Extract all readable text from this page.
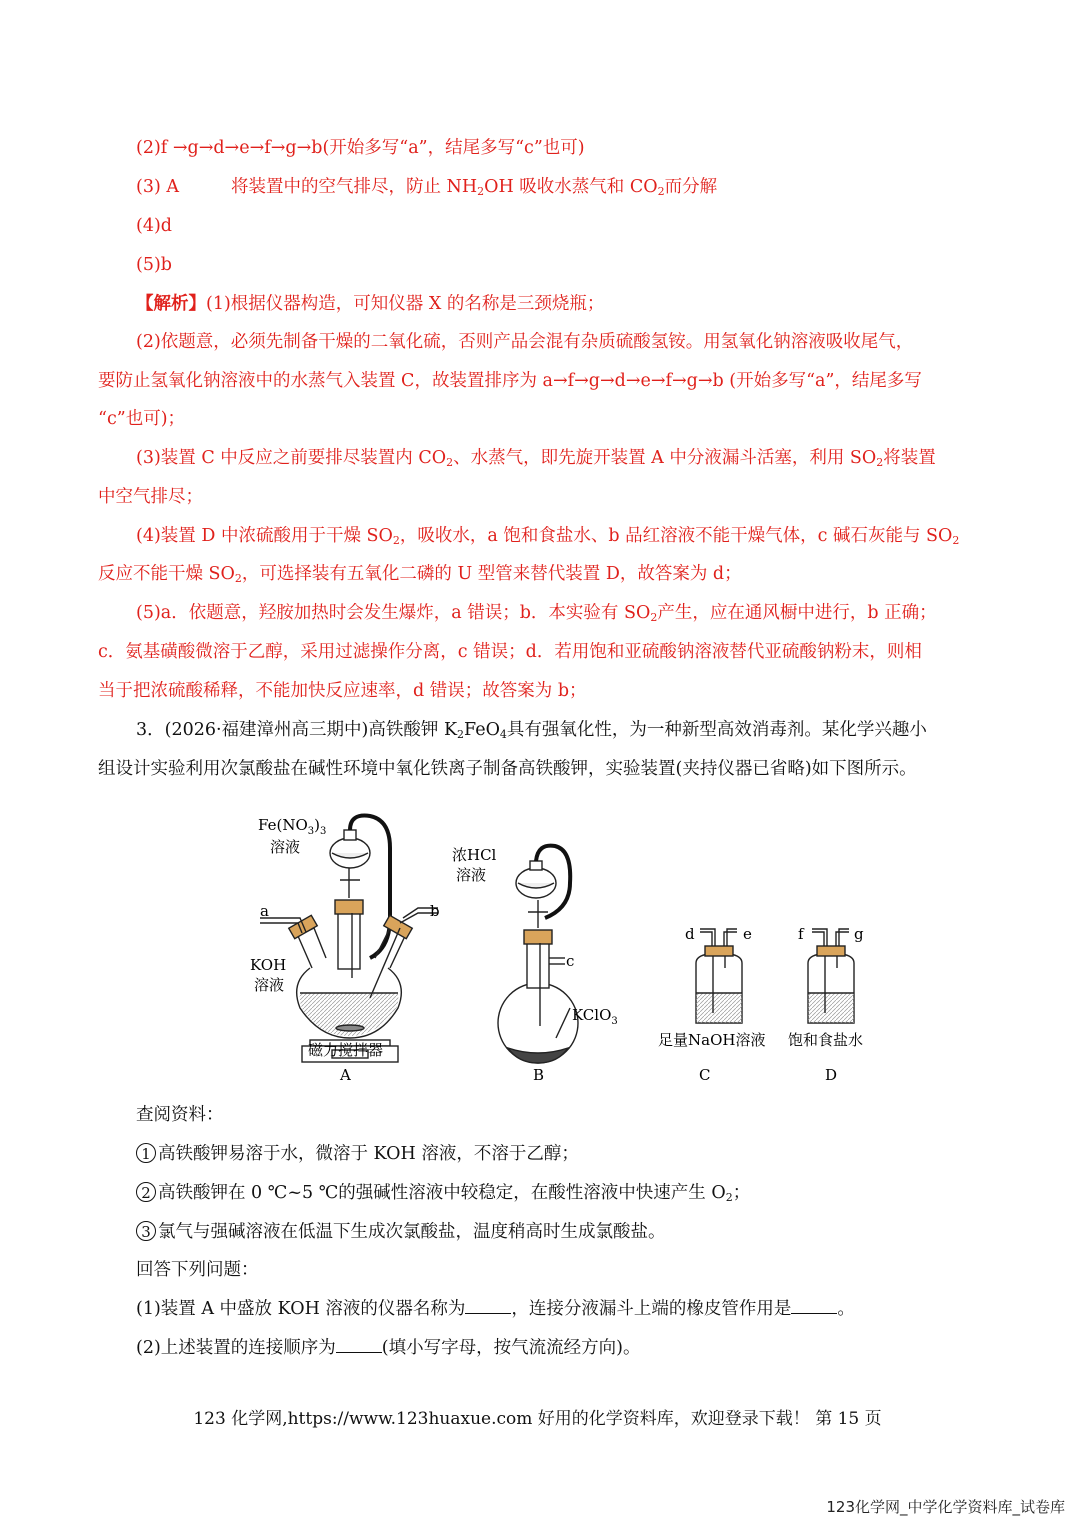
(2)f →g→d→e→f→g→b(开始多写“a”，结尾多写“c”也可)
(3) A	将装置中的空气排尽，防止 $NH_2OH$ 吸收水蒸气和 $CO_2$而分解
(4)d
(5)b
【解析】(1)根据仪器构造，可知仪器 X 的名称是三颈烧瓶；
(2)依题意，必须先制备干燥的二氧化硫，否则产品会混有杂质硫酸氢铵。用氢氧化钠溶液吸收尾气，
要防止氢氧化钠溶液中的水蒸气入装置 C，故装置排序为 a→f→g→d→e→f→g→b (开始多写“a”，结尾多写
“c”也可)；
(3)装置 C 中反应之前要排尽装置内 $CO_2$、水蒸气，即先旋开装置 A 中分液漏斗活塞，利用 $SO_2$将装置
中空气排尽；
(4)装置 D 中浓硫酸用于干燥 $SO_2$，吸收水，a 饱和食盐水、b 品红溶液不能干燥气体，c 碱石灰能与 $SO_2$
反应不能干燥 $SO_2$，可选择装有五氧化二磷的 U 型管来替代装置 D，故答案为 d；
(5)a．依题意，羟胺加热时会发生爆炸，a 错误；b．本实验有 $SO_2$产生，应在通风橱中进行，b 正确；
c．氨基磺酸微溶于乙醇，采用过滤操作分离，c 错误；d．若用饱和亚硫酸钠溶液替代亚硫酸钠粉末，则相
当于把浓硫酸稀释，不能加快反应速率，d 错误；故答案为 b；
3．(2026·福建漳州高三期中)高铁酸钾 $K_2FeO_4$具有强氧化性，为一种新型高效消毒剂。某化学兴趣小
组设计实验利用次氯酸盐在碱性环境中氧化铁离子制备高铁酸钾，实验装置(夹持仪器已省略)如下图所示。
$Fe(NO_3)_3$
溶液
a	b
KOH
溶液
磁力搅拌器
A
浓HCl
溶液
c
KClO$_3$
B
d	e
足量NaOH溶液
C
f	g
饱和食盐水
D
查阅资料：
1 高铁酸钾易溶于水，微溶于 KOH 溶液，不溶于乙醇；
2 高铁酸钾在 0 ℃~5 ℃的强碱性溶液中较稳定，在酸性溶液中快速产生 $O_2$；
3 氯气与强碱溶液在低温下生成次氯酸盐，温度稍高时生成氯酸盐。
回答下列问题：
(1)装置 A 中盛放 KOH 溶液的仪器名称为	，连接分液漏斗上端的橡皮管作用是	。
(2)上述装置的连接顺序为	(填小写字母，按气流流经方向)。
123 化学网,https://www.123huaxue.com 好用的化学资料库，欢迎登录下载！ 第 15 页
123化学网_中学化学资料库_试卷库
